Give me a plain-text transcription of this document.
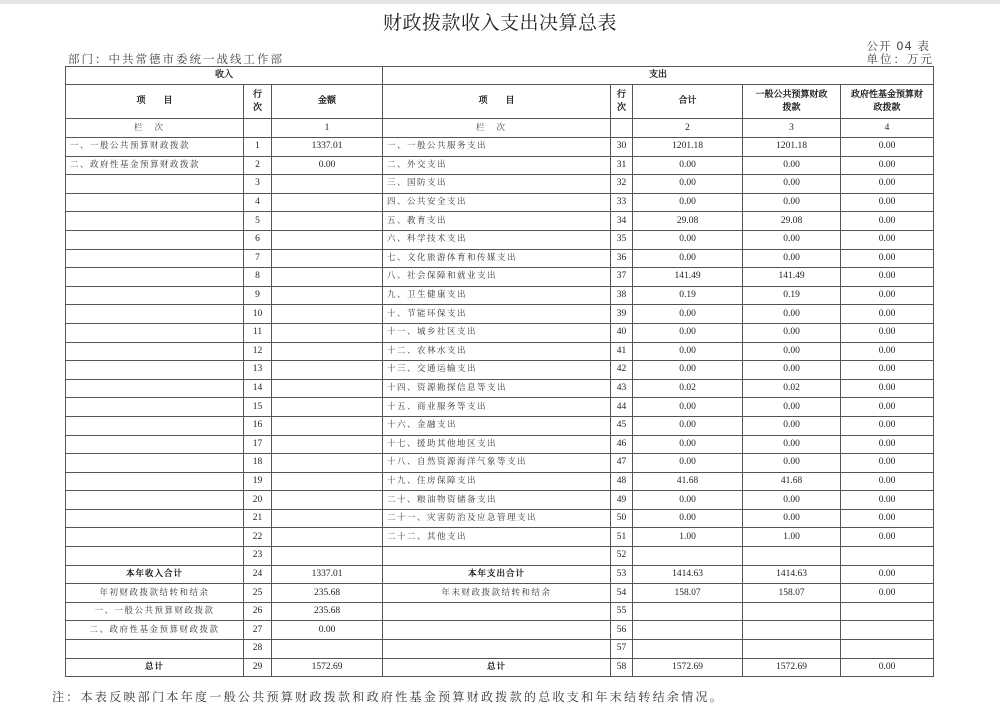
财政拨款收入支出决算总表
公开 04 表
部门：中共常德市委统一战线工作部	单位：万元
收入			支出				
项　　目	行次	金额	项　　目	行次	合计	一般公共预算财政拨款	政府性基金预算财政拨款
栏次		1	栏次		2	3	4
一、一般公共预算财政拨款	1	1337.01	一、一般公共服务支出	30	1201.18	1201.18	0.00
二、政府性基金预算财政拨款	2	0.00	二、外交支出	31	0.00	0.00	0.00
	3		三、国防支出	32	0.00	0.00	0.00
	4		四、公共安全支出	33	0.00	0.00	0.00
	5		五、教育支出	34	29.08	29.08	0.00
	6		六、科学技术支出	35	0.00	0.00	0.00
	7		七、文化旅游体育和传媒支出	36	0.00	0.00	0.00
	8		八、社会保障和就业支出	37	141.49	141.49	0.00
	9		九、卫生健康支出	38	0.19	0.19	0.00
	10		十、节能环保支出	39	0.00	0.00	0.00
	11		十一、城乡社区支出	40	0.00	0.00	0.00
	12		十二、农林水支出	41	0.00	0.00	0.00
	13		十三、交通运输支出	42	0.00	0.00	0.00
	14		十四、资源勘探信息等支出	43	0.02	0.02	0.00
	15		十五、商业服务等支出	44	0.00	0.00	0.00
	16		十六、金融支出	45	0.00	0.00	0.00
	17		十七、援助其他地区支出	46	0.00	0.00	0.00
	18		十八、自然资源海洋气象等支出	47	0.00	0.00	0.00
	19		十九、住房保障支出	48	41.68	41.68	0.00
	20		二十、粮油物资储备支出	49	0.00	0.00	0.00
	21		二十一、灾害防治及应急管理支出	50	0.00	0.00	0.00
	22		二十二、其他支出	51	1.00	1.00	0.00
	23			52			
本年收入合计	24	1337.01	本年支出合计	53	1414.63	1414.63	0.00
年初财政拨款结转和结余	25	235.68	年末财政拨款结转和结余	54	158.07	158.07	0.00
一、一般公共预算财政拨款	26	235.68		55			
二、政府性基金预算财政拨款	27	0.00		56			
	28			57			
总计	29	1572.69	总计	58	1572.69	1572.69	0.00
注：本表反映部门本年度一般公共预算财政拨款和政府性基金预算财政拨款的总收支和年末结转结余情况。
